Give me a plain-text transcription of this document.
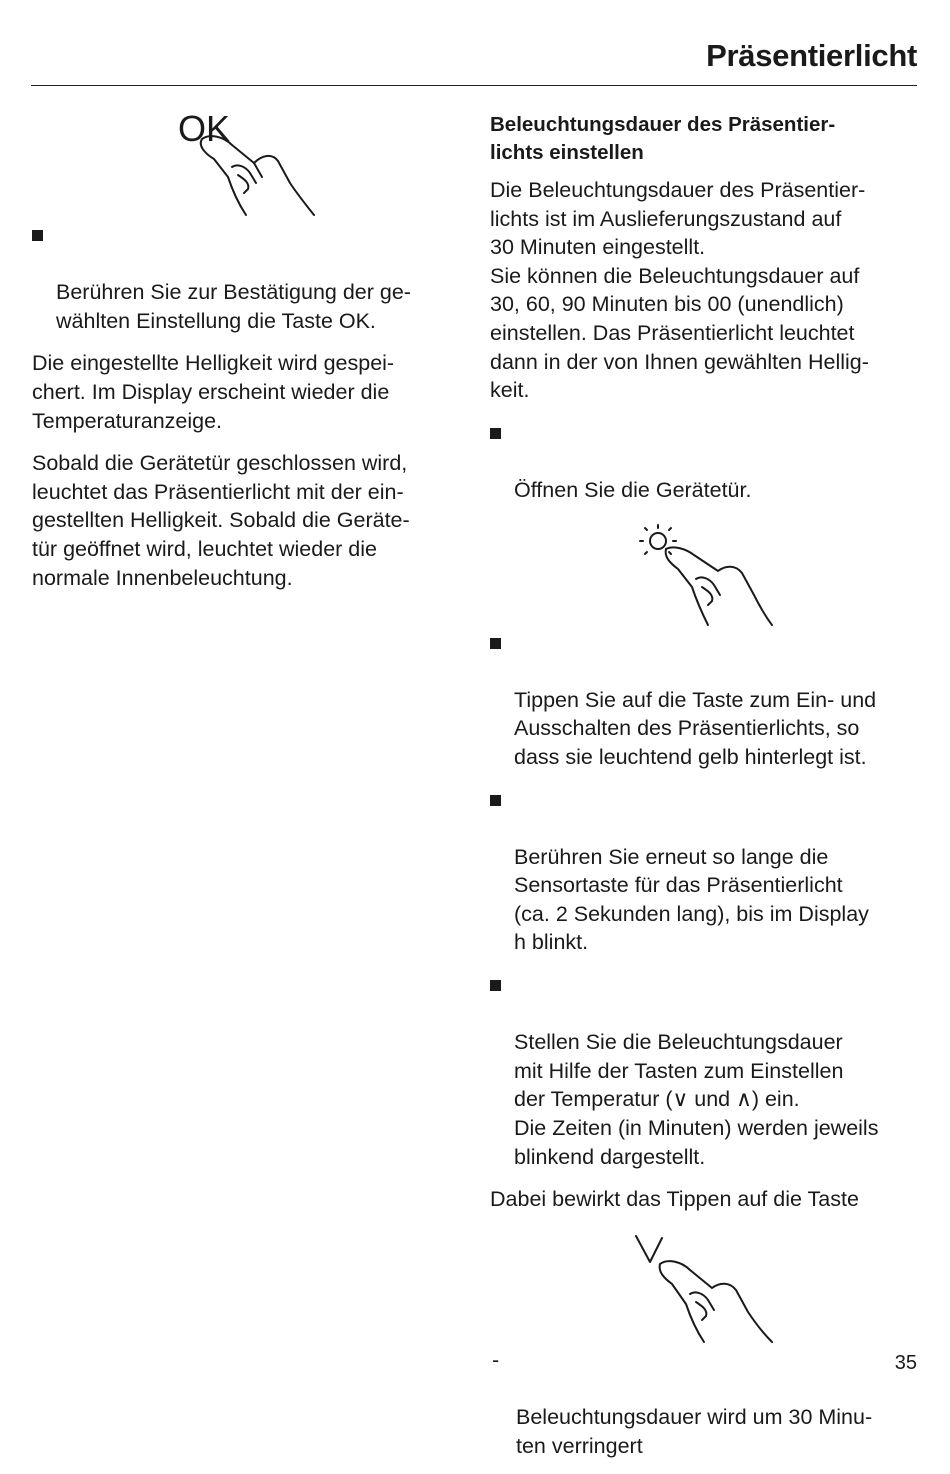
Präsentierlicht
OK

Berühren Sie zur Bestätigung der ge-
wählten Einstellung die Taste OK.

Die eingestellte Helligkeit wird gespei-
chert. Im Display erscheint wieder die
Temperaturanzeige.

Sobald die Gerätetür geschlossen wird,
leuchtet das Präsentierlicht mit der ein-
gestellten Helligkeit. Sobald die Geräte-
tür geöffnet wird, leuchtet wieder die
normale Innenbeleuchtung.

Beleuchtungsdauer des Präsentier-
lichts einstellen

Die Beleuchtungsdauer des Präsentier-
lichts ist im Auslieferungszustand auf
30 Minuten eingestellt.
Sie können die Beleuchtungsdauer auf
30, 60, 90 Minuten bis 00 (unendlich)
einstellen. Das Präsentierlicht leuchtet
dann in der von Ihnen gewählten Hellig-
keit.

Öffnen Sie die Gerätetür.

Tippen Sie auf die Taste zum Ein- und
Ausschalten des Präsentierlichts, so
dass sie leuchtend gelb hinterlegt ist.

Berühren Sie erneut so lange die
Sensortaste für das Präsentierlicht
(ca. 2 Sekunden lang), bis im Display
h blinkt.

Stellen Sie die Beleuchtungsdauer
mit Hilfe der Tasten zum Einstellen
der Temperatur (∨ und ∧) ein.
Die Zeiten (in Minuten) werden jeweils
blinkend dargestellt.

Dabei bewirkt das Tippen auf die Taste

-

Beleuchtungsdauer wird um 30 Minu-
ten verringert

35
